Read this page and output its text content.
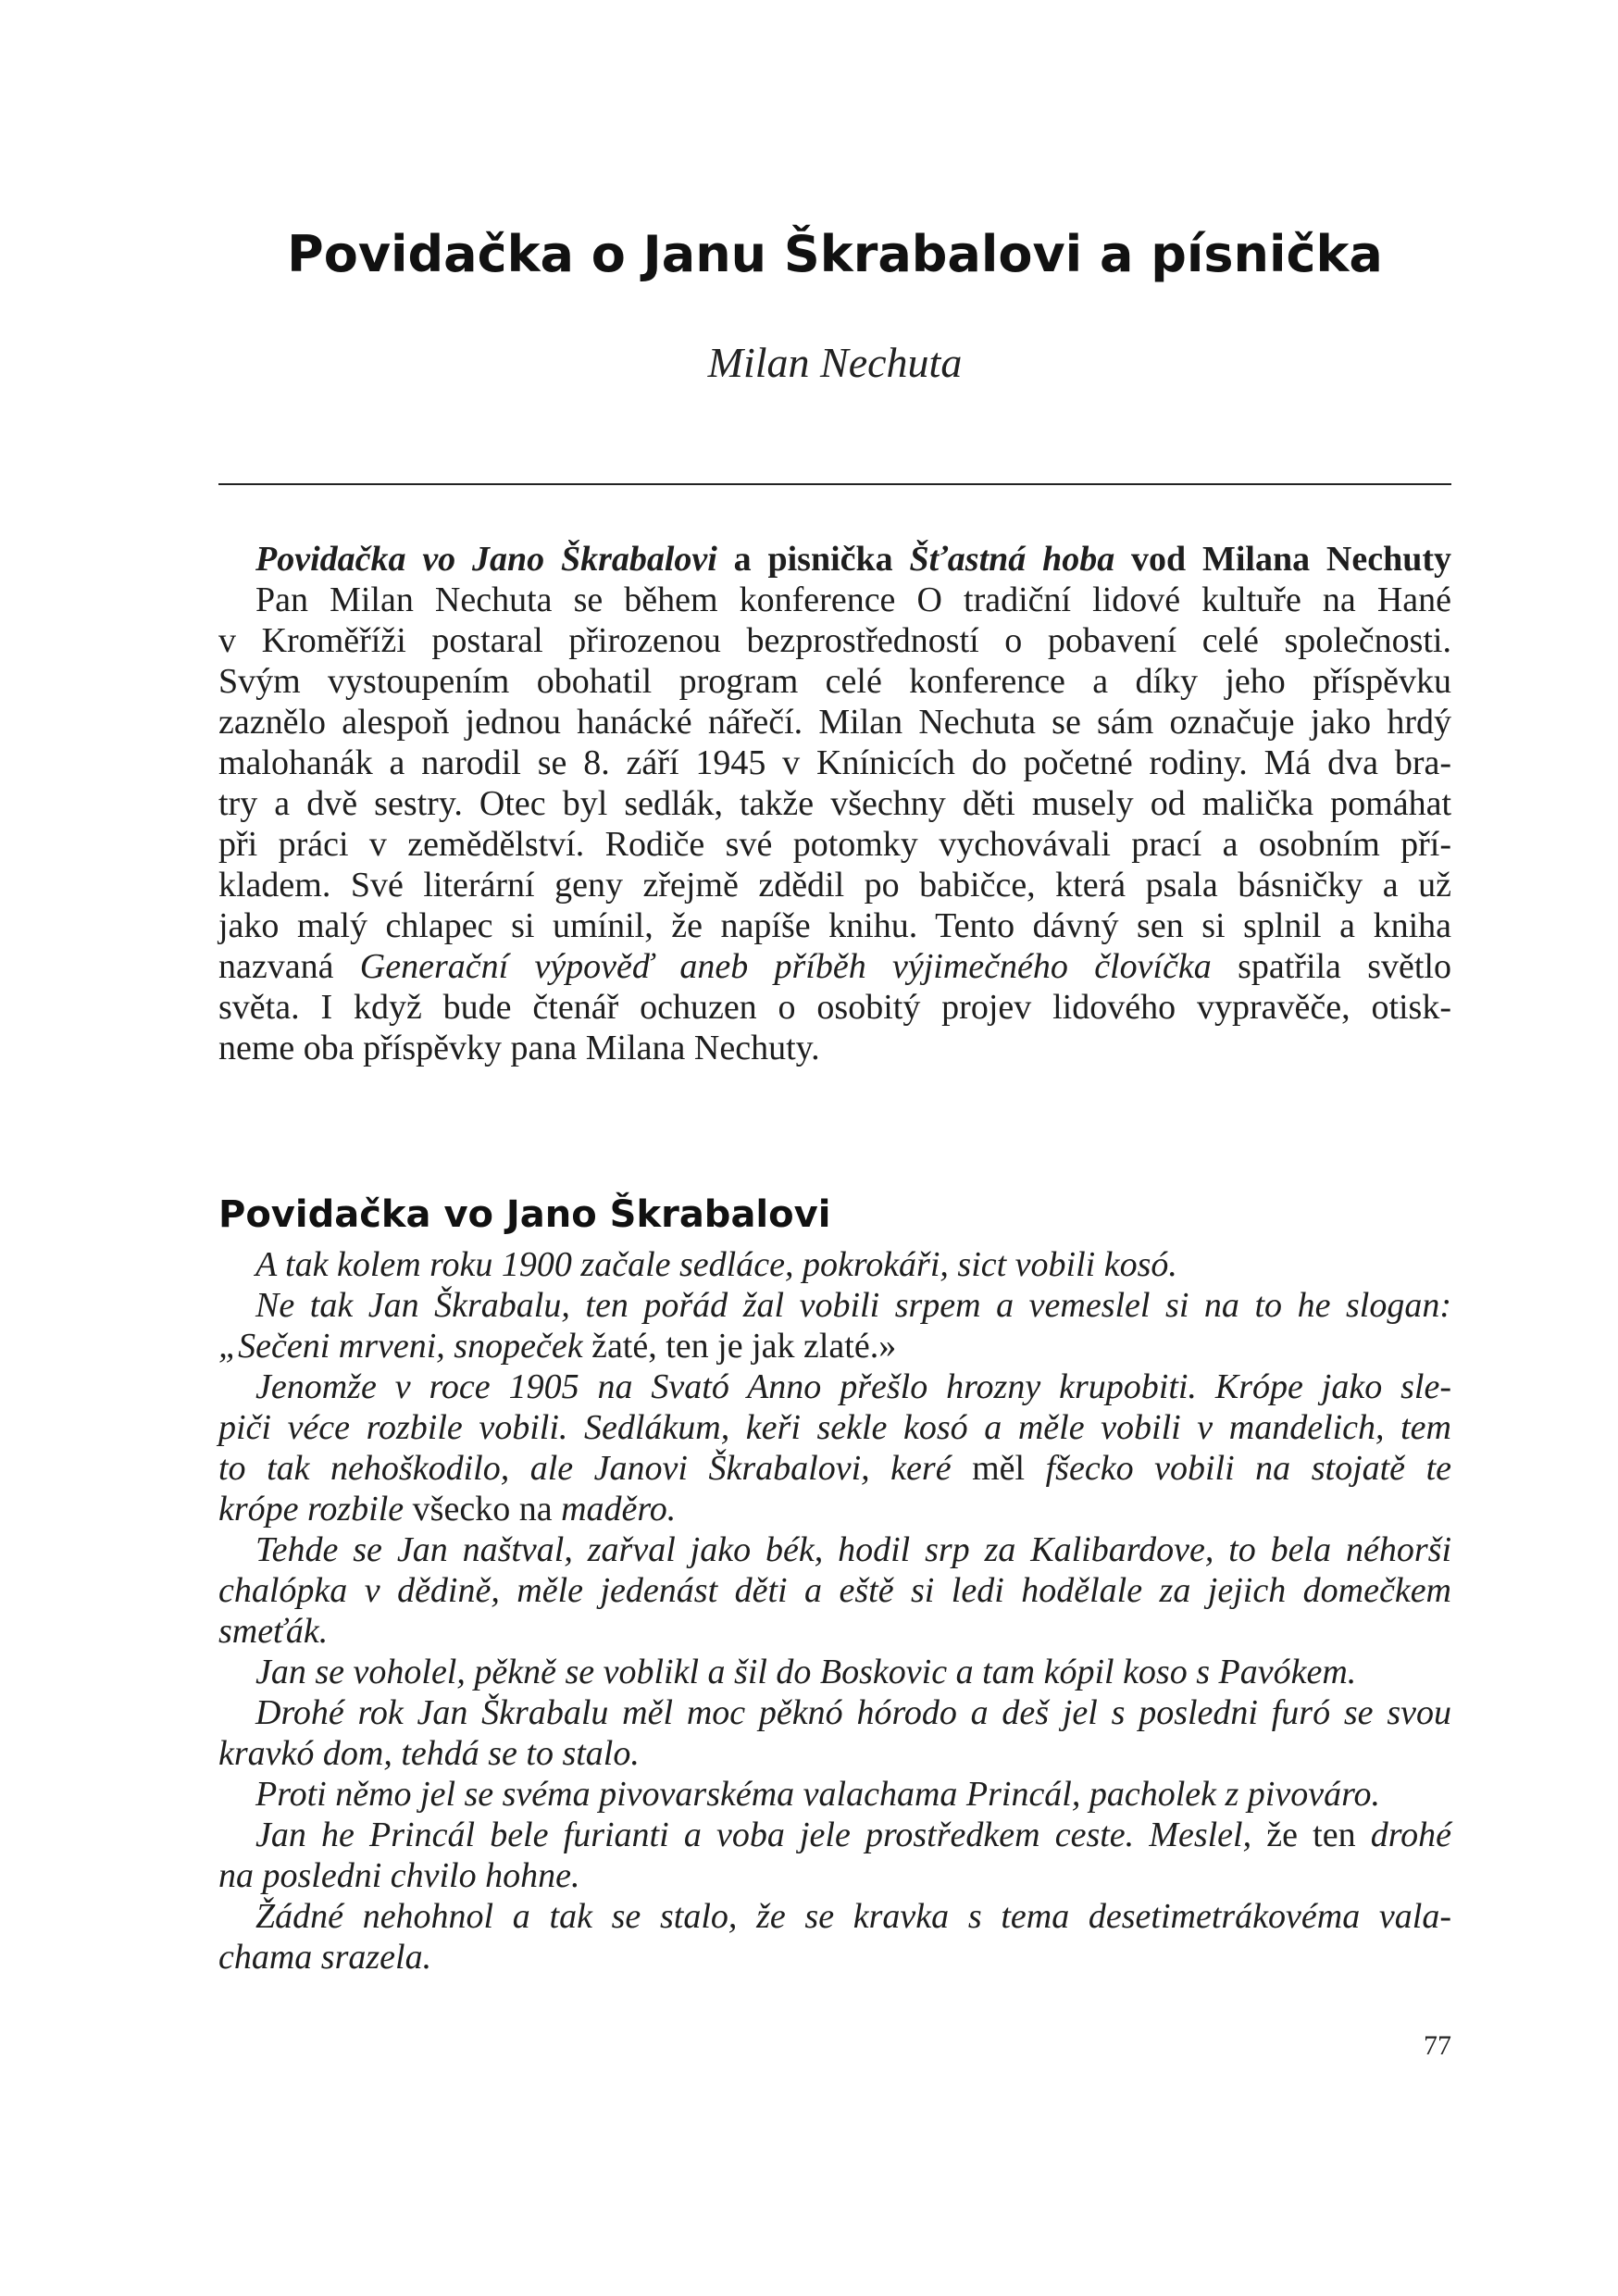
Povidačka o Janu Škrabalovi a písnička
Milan Nechuta
Povidačka vo Jano Škrabalovi a pisnička Šťastná hoba vod Milana Nechuty
Pan Milan Nechuta se během konference O tradiční lidové kultuře na Hané
v Kroměříži postaral přirozenou bezprostředností o pobavení celé společnosti.
Svým vystoupením obohatil program celé konference a díky jeho příspěvku
zaznělo alespoň jednou hanácké nářečí. Milan Nechuta se sám označuje jako hrdý
malohanák a narodil se 8. září 1945 v Knínicích do početné rodiny. Má dva bra-
try a dvě sestry. Otec byl sedlák, takže všechny děti musely od malička pomáhat
při práci v zemědělství. Rodiče své potomky vychovávali prací a osobním pří-
kladem. Své literární geny zřejmě zdědil po babičce, která psala básničky a už
jako malý chlapec si umínil, že napíše knihu. Tento dávný sen si splnil a kniha
nazvaná Generační výpověď aneb příběh výjimečného človíčka spatřila světlo
světa. I když bude čtenář ochuzen o osobitý projev lidového vypravěče, otisk-
neme oba příspěvky pana Milana Nechuty.
Povidačka vo Jano Škrabalovi
A tak kolem roku 1900 začale sedláce, pokrokáři, sict vobili kosó.
Ne tak Jan Škrabalu, ten pořád žal vobili srpem a vemeslel si na to he slogan:
„Sečeni mrveni, snopeček žaté, ten je jak zlaté.»
Jenomže v roce 1905 na Svató Anno přešlo hrozny krupobiti. Krópe jako sle-
piči véce rozbile vobili. Sedlákum, keři sekle kosó a měle vobili v mandelich, tem
to tak nehoškodilo, ale Janovi Škrabalovi, keré měl fšecko vobili na stojatě te
króре rozbile všecko na maděro.
Tehde se Jan naštval, zařval jako bék, hodil srp za Kalibardove, to bela néhorši
chalópka v dědině, měle jedenást děti a eště si ledi hodělale za jejich domečkem
smeťák.
Jan se voholel, pěkně se voblikl a šil do Boskovic a tam kópil koso s Pavókem.
Drohé rok Jan Škrabalu měl moc pěknó hórodo a deš jel s posledni furó se svou
kravkó dom, tehdá se to stalo.
Proti němo jel se svéma pivovarskéma valachama Princál, pacholek z pivováro.
Jan he Princál bele furianti a voba jele prostředkem ceste. Meslel, že ten drohé
na posledni chvilo hohne.
Žádné nehohnol a tak se stalo, že se kravka s tema desetimetrákovéma vala-
chama srazela.
77
